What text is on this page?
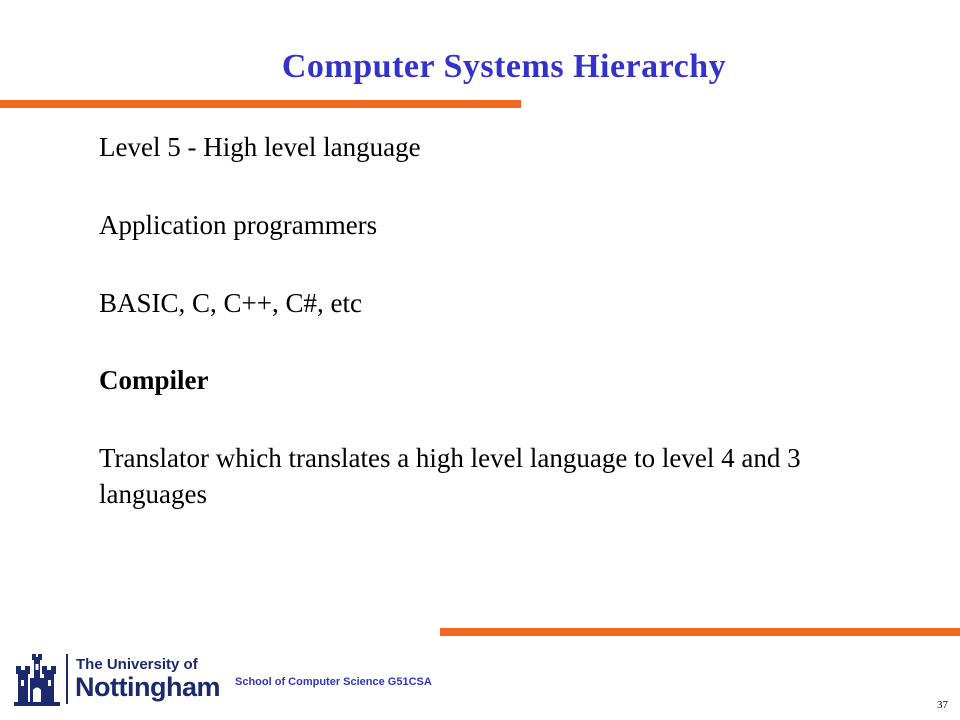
Computer Systems Hierarchy
Level 5 - High level language
Application programmers
BASIC, C, C++, C#, etc
Compiler
Translator which translates a high level language to level 4 and 3 languages
The University of
Nottingham School of Computer Science G51CSA
37
